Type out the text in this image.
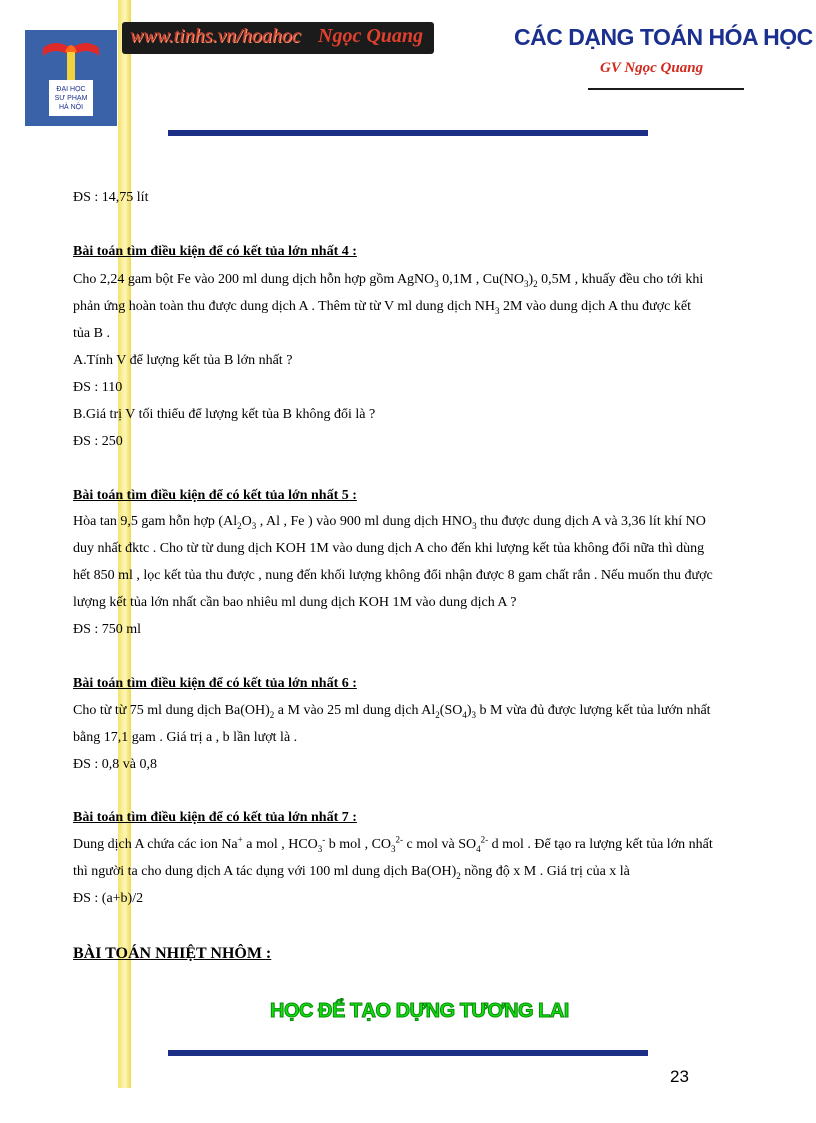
ĐẠI HỌC
SƯ PHẠM
HÀ NỘI
www.tinhs.vn/hoahoc Ngọc Quang	CÁC DẠNG TOÁN HÓA HỌC
GV Ngọc Quang
ĐS : 14,75 lít
Bài toán tìm điều kiện để có kết tủa lớn nhất 4 :
Cho 2,24 gam bột Fe vào 200 ml dung dịch hỗn hợp gồm AgNO$_3$ 0,1M , $Cu(NO_3)_2$ 0,5M , khuấy đều cho tới khi
phản ứng hoàn toàn thu được dung dịch A . Thêm từ từ V ml dung dịch $NH_3$ 2M vào dung dịch A thu được kết
tủa B .
A.Tính V để lượng kết tủa B lớn nhất ?
ĐS : 110
B.Giá trị V tối thiểu để lượng kết tủa B không đổi là ?
ĐS : 250
Bài toán tìm điều kiện để có kết tủa lớn nhất 5 :
Hòa tan 9,5 gam hỗn hợp ($Al_2O_3$ , Al , Fe ) vào 900 ml dung dịch $HNO_3$ thu được dung dịch A và 3,36 lít khí NO
duy nhất đktc . Cho từ từ dung dịch KOH 1M vào dung dịch A cho đến khi lượng kết tủa không đổi nữa thì dùng
hết 850 ml , lọc kết tủa thu được , nung đến khối lượng không đổi nhận được 8 gam chất rắn . Nếu muốn thu được
lượng kết tủa lớn nhất cần bao nhiêu ml dung dịch KOH 1M vào dung dịch A ?
ĐS : 750 ml
Bài toán tìm điều kiện để có kết tủa lớn nhất 6 :
Cho từ từ 75 ml dung dịch $Ba(OH)_2$ a M vào 25 ml dung dịch $Al_2(SO_4)_3$ b M vừa đủ được lượng kết tủa lướn nhất
bằng 17,1 gam . Giá trị a , b lần lượt là .
ĐS : 0,8 và 0,8
Bài toán tìm điều kiện để có kết tủa lớn nhất 7 :
Dung dịch A chứa các ion Na+ a mol , $HCO_3^-$ b mol , $CO_3^{2-}$ c mol và $SO_4^{2-}$ d mol . Để tạo ra lượng kết tủa lớn nhất
thì người ta cho dung dịch A tác dụng với 100 ml dung dịch $Ba(OH)_2$ nồng độ x M . Giá trị của x là
ĐS : (a+b)/2
BÀI TOÁN NHIỆT NHÔM :
HỌC ĐỂ TẠO DỰNG TƯƠNG LAI
23
